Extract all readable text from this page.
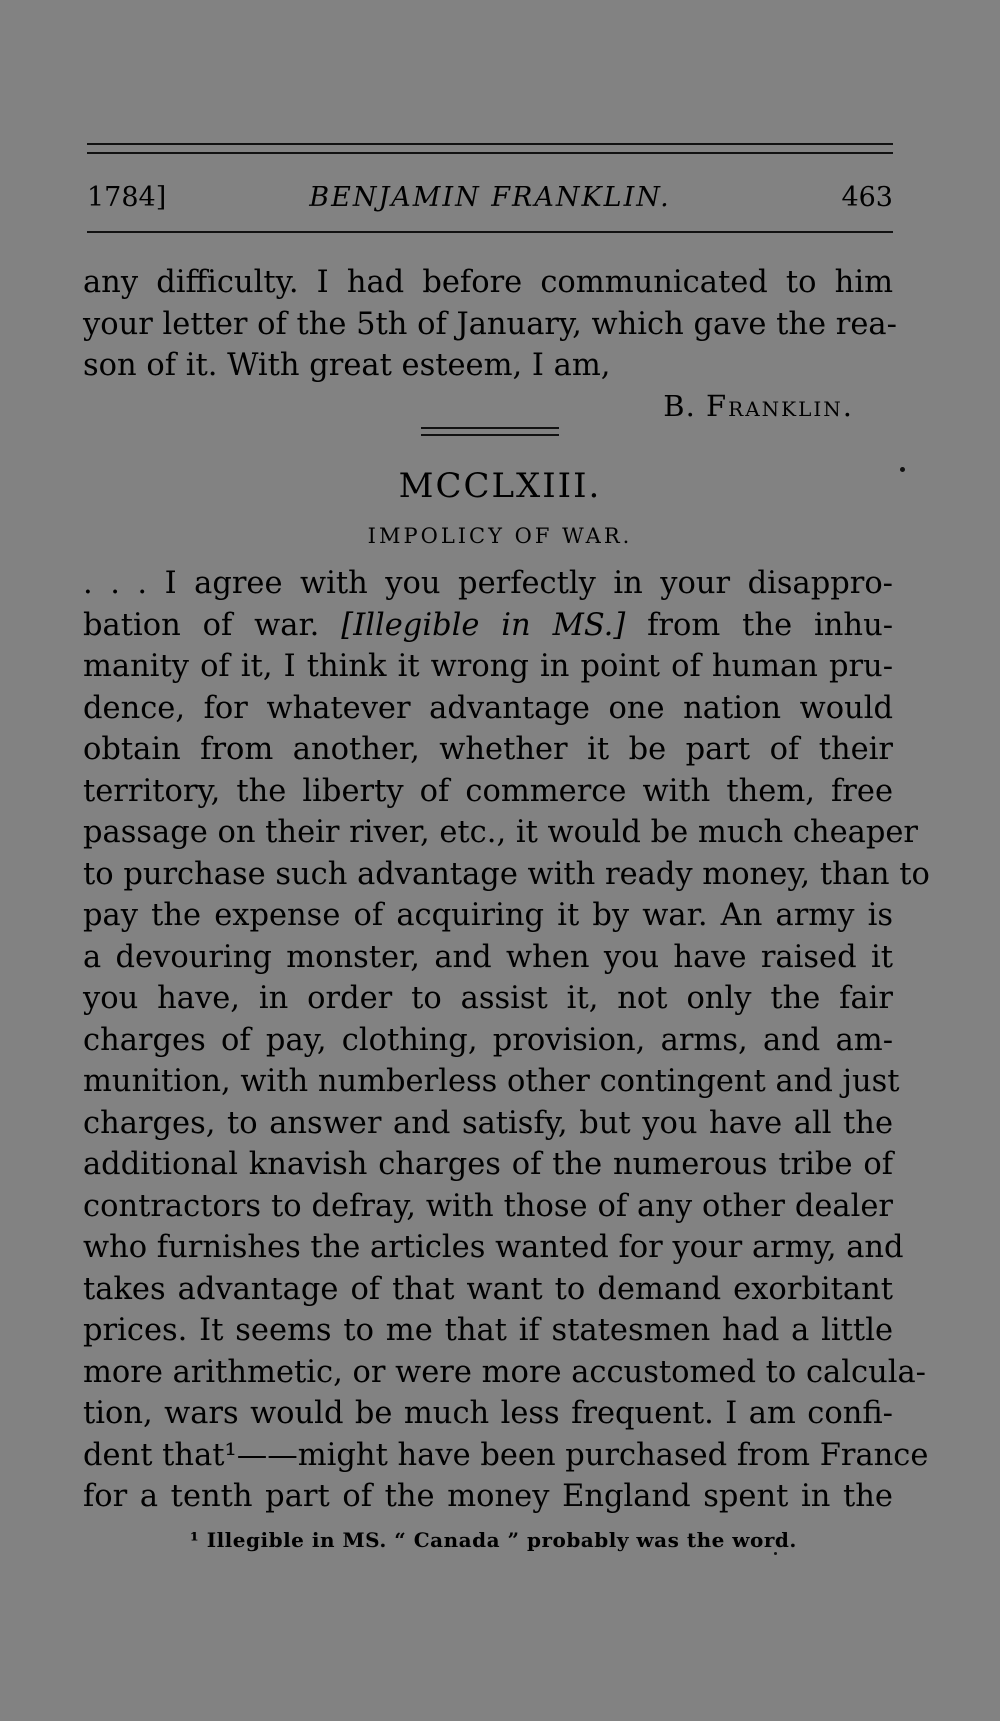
1784]	BENJAMIN FRANKLIN.	463
any difficulty. I had before communicated to him
your letter of the 5th of January, which gave the rea-
son of it. With great esteem, I am,
B. Franklin.
MCCLXIII.
IMPOLICY OF WAR.
. . . I agree with you perfectly in your disappro-
bation of war. [Illegible in MS.] from the inhu-
manity of it, I think it wrong in point of human pru-
dence, for whatever advantage one nation would
obtain from another, whether it be part of their
territory, the liberty of commerce with them, free
passage on their river, etc., it would be much cheaper
to purchase such advantage with ready money, than to
pay the expense of acquiring it by war. An army is
a devouring monster, and when you have raised it
you have, in order to assist it, not only the fair
charges of pay, clothing, provision, arms, and am-
munition, with numberless other contingent and just
charges, to answer and satisfy, but you have all the
additional knavish charges of the numerous tribe of
contractors to defray, with those of any other dealer
who furnishes the articles wanted for your army, and
takes advantage of that want to demand exorbitant
prices. It seems to me that if statesmen had a little
more arithmetic, or were more accustomed to calcula-
tion, wars would be much less frequent. I am confi-
dent that¹——might have been purchased from France
for a tenth part of the money England spent in the
¹ Illegible in MS. “ Canada ” probably was the word.
